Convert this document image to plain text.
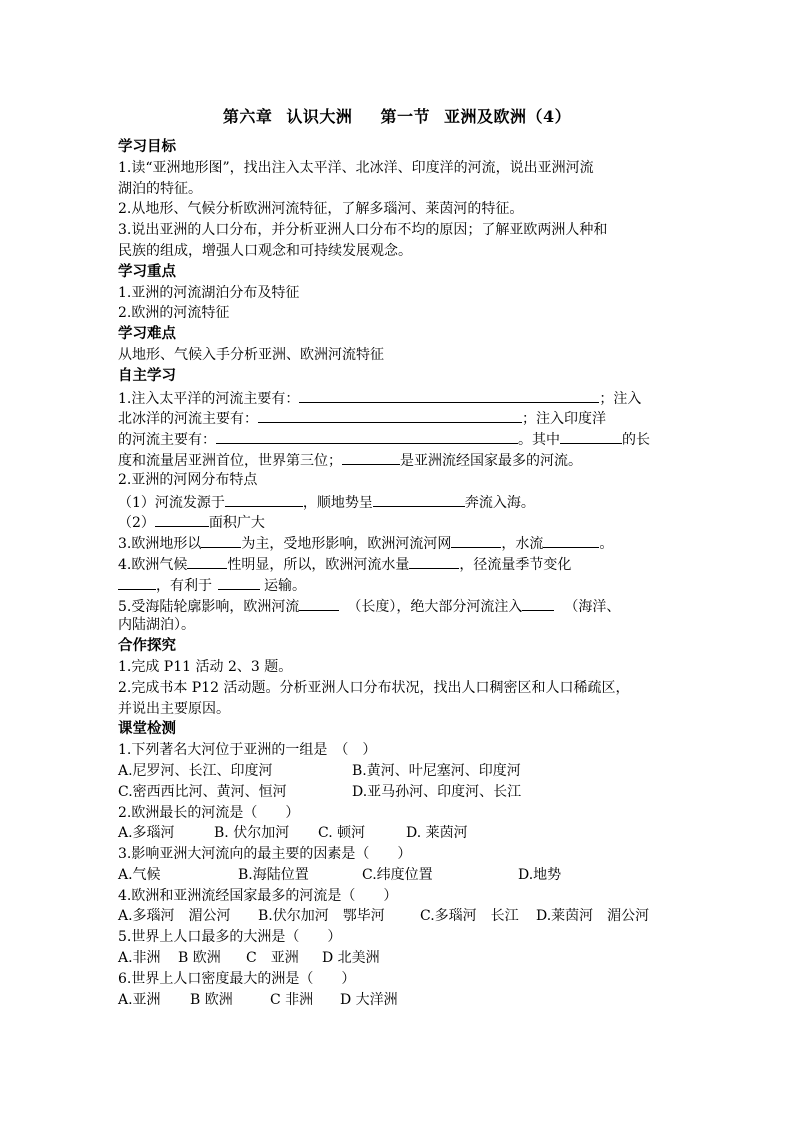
第六章 认识大洲 第一节 亚洲及欧洲（4）
学习目标
1.读“亚洲地形图”，找出注入太平洋、北冰洋、印度洋的河流，说出亚洲河流
湖泊的特征。
2.从地形、气候分析欧洲河流特征，了解多瑙河、莱茵河的特征。
3.说出亚洲的人口分布，并分析亚洲人口分布不均的原因；了解亚欧两洲人种和
民族的组成，增强人口观念和可持续发展观念。
学习重点
1.亚洲的河流湖泊分布及特征
2.欧洲的河流特征
学习难点
从地形、气候入手分析亚洲、欧洲河流特征
自主学习
1.注入太平洋的河流主要有：	；注入
北冰洋的河流主要有：	；注入印度洋
的河流主要有：	。其中	的长
度和流量居亚洲首位，世界第三位；	是亚洲流经国家最多的河流。
2.亚洲的河网分布特点
（1）河流发源于	，顺地势呈	奔流入海。
（2）	面积广大
3.欧洲地形以	为主，受地形影响，欧洲河流河网	，水流	。
4.欧洲气候	性明显，所以，欧洲河流水量	，径流量季节变化
，有利于	运输。
5.受海陆轮廓影响，欧洲河流	（长度），绝大部分河流注入	（海洋、
内陆湖泊）。
合作探究
1.完成 P11 活动 2、3 题。
2.完成书本 P12 活动题。分析亚洲人口分布状况，找出人口稠密区和人口稀疏区，
并说出主要原因。
课堂检测
1.下列著名大河位于亚洲的一组是　（　）
A.尼罗河、长江、印度河	B.黄河、叶尼塞河、印度河
C.密西西比河、黄河、恒河	D.亚马孙河、印度河、长江
2.欧洲最长的河流是（　　）
A.多瑙河	B. 伏尔加河 C. 顿河	D. 莱茵河
3.影响亚洲大河流向的最主要的因素是（　　）
A.气候	B.海陆位置	C.纬度位置	D.地势
4.欧洲和亚洲流经国家最多的河流是（　　）
A.多瑙河　湄公河 B.伏尔加河　鄂毕河	C.多瑙河　长江 D.莱茵河　湄公河
5.世界上人口最多的大洲是（　　）
A.非洲 B 欧洲 C　亚洲 D 北美洲
6.世界上人口密度最大的洲是（　　）
A.亚洲 B 欧洲	C 非洲 D 大洋洲
